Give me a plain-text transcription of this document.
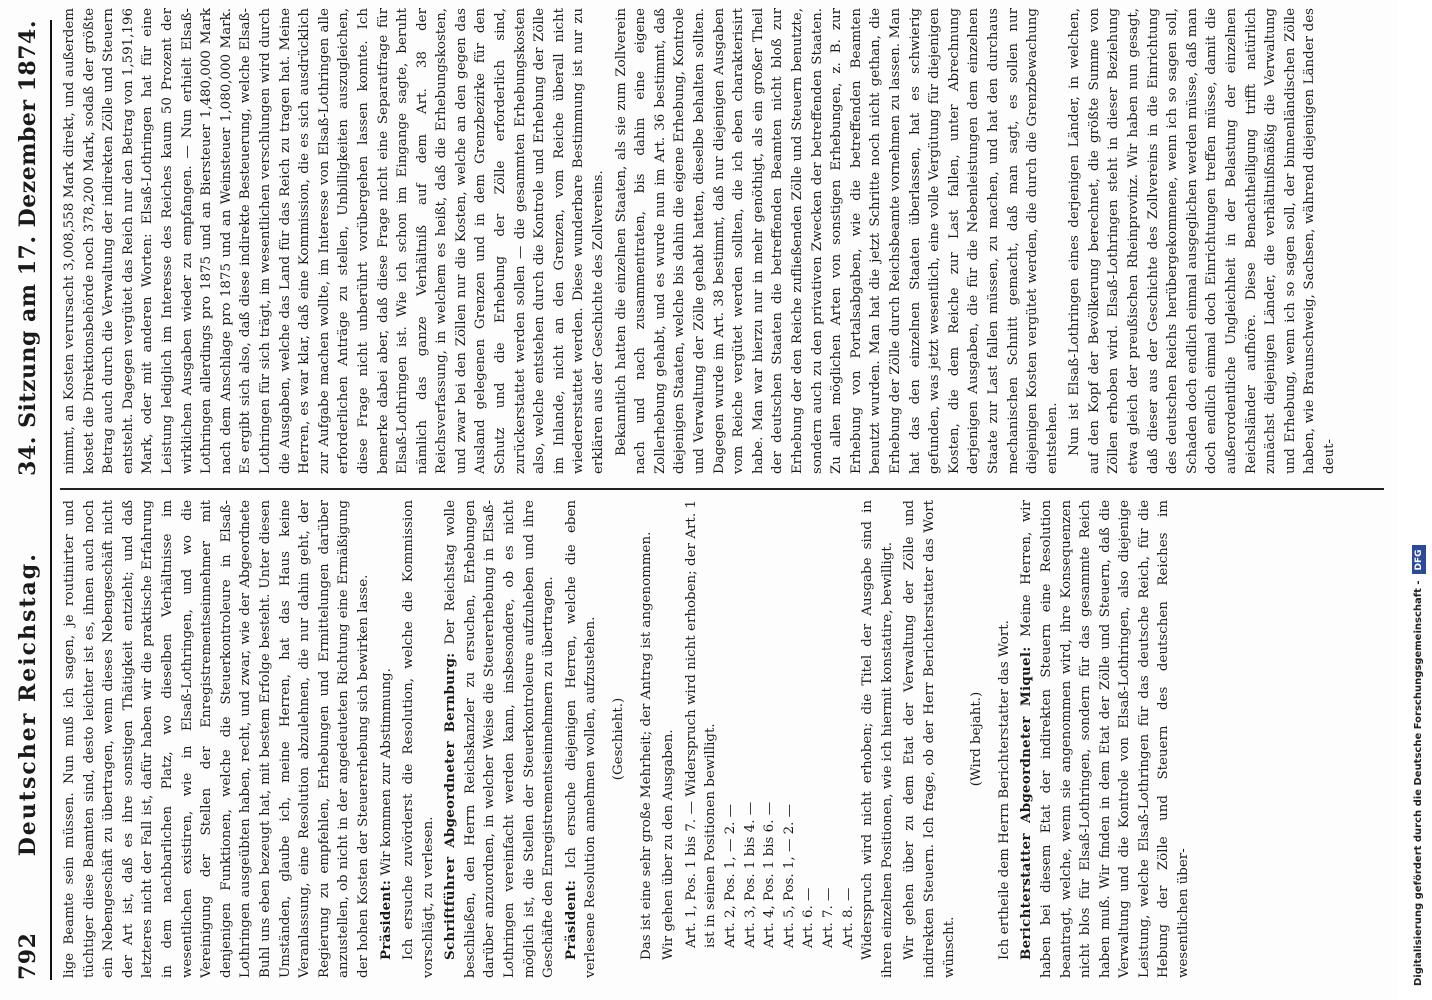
792
Deutscher Reichstag.
34. Sitzung am 17. Dezember 1874.

lige Beamte sein müssen. Nun muß ich sagen, je routinirter und tüchtiger diese Beamten sind, desto leichter ist es, ihnen auch noch ein Nebengeschäft zu übertragen, wenn dieses Nebengeschäft nicht der Art ist, daß es ihre sonstigen Thätigkeit entzieht; und daß letzteres nicht der Fall ist, dafür haben wir die praktische Erfahrung in dem nachbarlichen Platz, wo dieselben Verhältnisse im wesentlichen existiren, wie in Elsaß-Lothringen, und wo die Vereinigung der Stellen der Enregistrementseinnehmer mit denjenigen Funktionen, welche die Steuerkontroleure in Elsaß-Lothringen ausgeübten haben, recht, und zwar, wie der Abgeordnete Buhl uns eben bezeugt hat, mit bestem Erfolge besteht. Unter diesen Umständen, glaube ich, meine Herren, hat das Haus keine Veranlassung, eine Resolution abzulehnen, die nur dahin geht, der Regierung zu empfehlen, Erhebungen und Ermittelungen darüber anzustellen, ob nicht in der angedeuteten Richtung eine Ermäßigung der hohen Kosten der Steuererhebung sich bewirken lasse. Präsident: Wir kommen zur Abstimmung. Ich ersuche zuvörderst die Resolution, welche die Kommission vorschlägt, zu verlesen. Schriftführer Abgeordneter Bernburg: Der Reichstag wolle beschließen, den Herrn Reichskanzler zu ersuchen, Erhebungen darüber anzuordnen, in welcher Weise die Steuererhebung in Elsaß-Lothringen vereinfacht werden kann, insbesondere, ob es nicht möglich ist, die Stellen der Steuerkontroleure aufzuheben und ihre Geschäfte den Enregistrementseinnehmern zu übertragen. Präsident: Ich ersuche diejenigen Herren, welche die eben verlesene Resolution annehmen wollen, aufzustehen. (Geschieht.) Das ist eine sehr große Mehrheit; der Antrag ist angenommen. Wir gehen über zu den Ausgaben. Art. 1, Pos. 1 bis 7. — Widerspruch wird nicht erhoben; der Art. 1 ist in seinen Positionen bewilligt. Art. 2, Pos. 1, — 2. — Art. 3, Pos. 1 bis 4. — Art. 4, Pos. 1 bis 6. — Art. 5, Pos. 1, — 2. — Art. 6. — Art. 7. — Art. 8. — Widerspruch wird nicht erhoben; die Titel der Ausgabe sind in ihren einzelnen Positionen, wie ich hiermit konstatire, bewilligt. Wir gehen über zu dem Etat der Verwaltung der Zölle und indirekten Steuern. Ich frage, ob der Herr Berichterstatter das Wort wünscht.

(Wird bejaht.) Ich ertheile dem Herrn Berichterstatter das Wort. Berichterstatter Abgeordneter Miquel: Meine Herren, wir haben bei diesem Etat der indirekten Steuern eine Resolution beantragt, welche, wenn sie angenommen wird, ihre Konsequenzen nicht blos für Elsaß-Lothringen, sondern für das gesammte Reich haben muß. Wir finden in dem Etat der Zölle und Steuern, daß die Verwaltung und die Kontrole von Elsaß-Lothringen, also diejenige Leistung, welche Elsaß-Lothringen für das deutsche Reich, für die Hebung der Zölle und Steuern des deutschen Reiches im wesentlichen über-

nimmt, an Kosten verursacht 3,008,558 Mark direkt, und außerdem kostet die Direktionsbehörde noch 378,200 Mark, sodaß der größte Betrag auch durch die Verwaltung der indirekten Zölle und Steuern entsteht. Dagegen vergütet das Reich nur den Betrag von 1,591,196 Mark, oder mit anderen Worten: Elsaß-Lothringen hat für eine Leistung lediglich im Interesse des Reiches kaum 50 Prozent der wirklichen Ausgaben wieder zu empfangen. — Nun erhielt Elsaß-Lothringen allerdings pro 1875 und an Biersteuer 1,480,000 Mark nach dem Anschlage pro 1875 und an Weinsteuer 1,080,000 Mark. Es ergibt sich also, daß diese indirekte Besteuerung, welche Elsaß-Lothringen für sich trägt, im wesentlichen verschlungen wird durch die Ausgaben, welche das Land für das Reich zu tragen hat. Meine Herren, es war klar, daß eine Kommission, die es sich ausdrücklich zur Aufgabe machen wollte, im Interesse von Elsaß-Lothringen alle erforderlichen Anträge zu stellen, Unbilligkeiten auszugleichen, diese Frage nicht unberührt vorübergehen lassen konnte. Ich bemerke dabei aber, daß diese Frage nicht eine Separatfrage für Elsaß-Lothringen ist. Wie ich schon im Eingange sagte, beruht nämlich das ganze Verhältniß auf dem Art. 38 der Reichsverfassung, in welchem es heißt, daß die Erhebungskosten, und zwar bei den Zöllen nur die Kosten, welche an den gegen das Ausland gelegenen Grenzen und in dem Grenzbezirke für den Schutz und die Erhebung der Zölle erforderlich sind, zurückerstattet werden sollen — die gesammten Erhebungskosten also, welche entstehen durch die Kontrole und Erhebung der Zölle im Inlande, nicht an den Grenzen, vom Reiche überall nicht wiedererstattet werden. Diese wunderbare Bestimmung ist nur zu erklären aus der Geschichte des Zollvereins. Bekanntlich hatten die einzelnen Staaten, als sie zum Zollverein nach und nach zusammentraten, bis dahin eine eigene Zollerhebung gehabt, und es wurde nun im Art. 36 bestimmt, daß diejenigen Staaten, welche bis dahin die eigene Erhebung, Kontrole und Verwaltung der Zölle gehabt hatten, dieselbe behalten sollten. Dagegen wurde im Art. 38 bestimmt, daß nur diejenigen Ausgaben vom Reiche vergütet werden sollten, die ich eben charakterisirt habe. Man war hierzu nur in mehr genöthigt, als ein großer Theil der deutschen Staaten die betreffenden Beamten nicht bloß zur Erhebung der den Reiche zufließenden Zölle und Steuern benutzte, sondern auch zu den privativen Zwecken der betreffenden Staaten. Zu allen möglichen Arten von sonstigen Erhebungen, z. B. zur Erhebung von Portalsabgaben, wie die betreffenden Beamten benutzt wurden. Man hat die jetzt Schritte noch nicht gethan, die Erhebung der Zölle durch Reichsbeamte vornehmen zu lassen. Man hat das den einzelnen Staaten überlassen, hat es schwierig gefunden, was jetzt wesentlich, eine volle Vergütung für diejenigen Kosten, die dem Reiche zur Last fallen, unter Abrechnung derjenigen Ausgaben, die für die Nebenleistungen dem einzelnen Staate zur Last fallen müssen, zu machen, und hat den durchaus mechanischen Schnitt gemacht, daß man sagt, es sollen nur diejenigen Kosten vergütet werden, die durch die Grenzbewachung entstehen. Nun ist Elsaß-Lothringen eines derjenigen Länder, in welchen, auf den Kopf der Bevölkerung berechnet, die größte Summe von Zöllen erhoben wird. Elsaß-Lothringen steht in dieser Beziehung etwa gleich der preußischen Rheinprovinz. Wir haben nun gesagt, daß dieser aus der Geschichte des Zollvereins in die Einrichtung des deutschen Reichs herübergekommene, wenn ich so sagen soll, Schaden doch endlich einmal ausgeglichen werden müsse, daß man doch endlich einmal doch Einrichtungen treffen müsse, damit die außerordentliche Ungleichheit in der Belastung der einzelnen Reichsländer aufhöre. Diese Benachtheiligung trifft natürlich zunächst diejenigen Länder, die verhältnißmäßig die Verwaltung und Erhebung, wenn ich so sagen soll, der binnenländischen Zölle haben, wie Braunschweig, Sachsen, während diejenigen Länder des deut-

Digitalisierung gefördert durch die Deutsche Forschungsgemeinschaft -DFG
